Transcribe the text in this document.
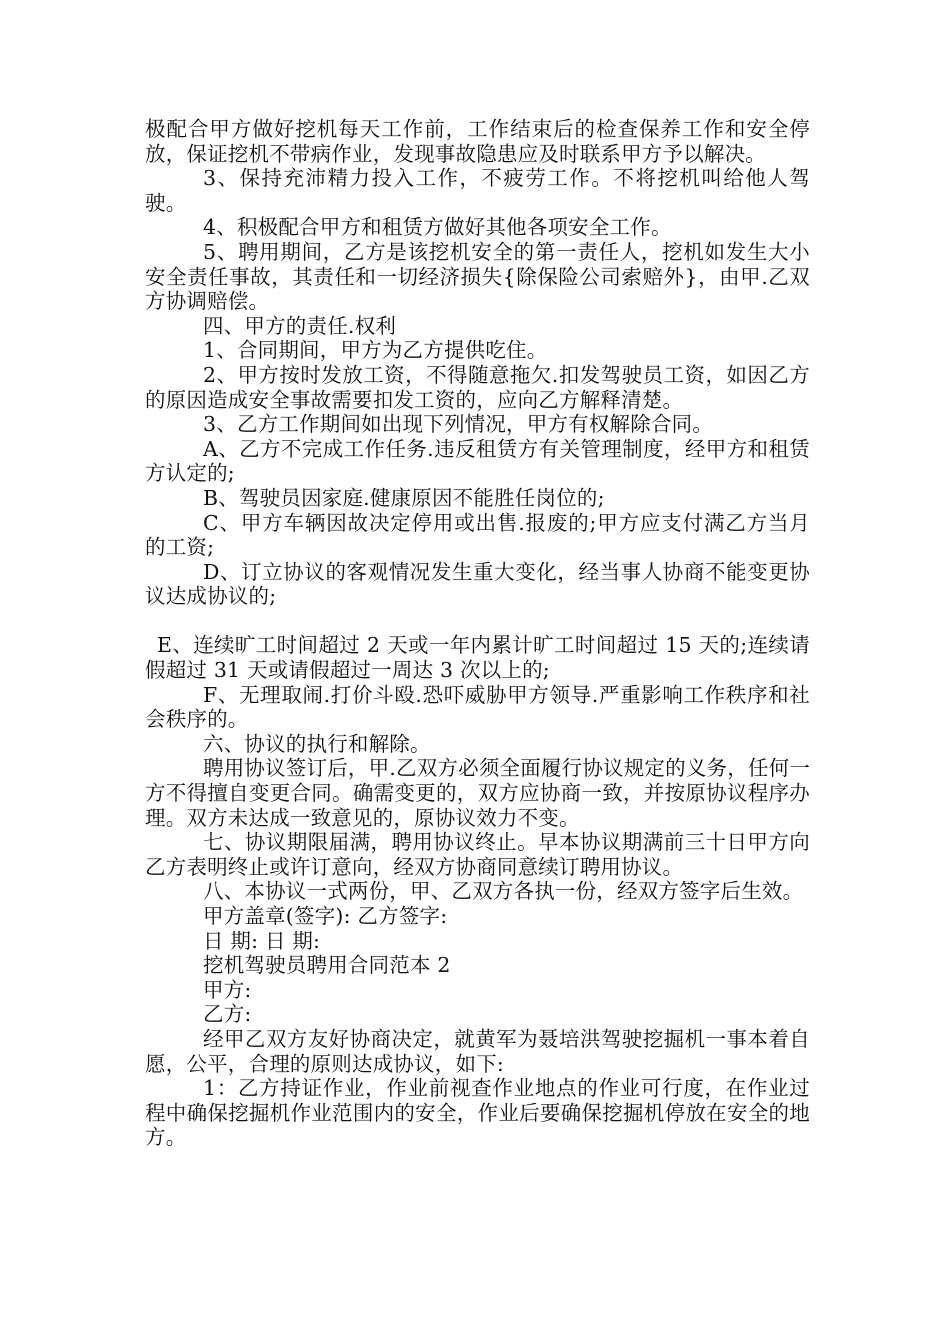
极配合甲方做好挖机每天工作前，工作结束后的检查保养工作和安全停放，保证挖机不带病作业，发现事故隐患应及时联系甲方予以解决。

3、保持充沛精力投入工作，不疲劳工作。不将挖机叫给他人驾驶。

4、积极配合甲方和租赁方做好其他各项安全工作。

5、聘用期间，乙方是该挖机安全的第一责任人，挖机如发生大小安全责任事故，其责任和一切经济损失{除保险公司索赔外}，由甲.乙双方协调赔偿。

四、甲方的责任.权利

1、合同期间，甲方为乙方提供吃住。

2、甲方按时发放工资，不得随意拖欠.扣发驾驶员工资，如因乙方的原因造成安全事故需要扣发工资的，应向乙方解释清楚。

3、乙方工作期间如出现下列情况，甲方有权解除合同。

A、乙方不完成工作任务.违反租赁方有关管理制度，经甲方和租赁方认定的;

B、驾驶员因家庭.健康原因不能胜任岗位的;

C、甲方车辆因故决定停用或出售.报废的;甲方应支付满乙方当月的工资;

D、订立协议的客观情况发生重大变化，经当事人协商不能变更协议达成协议的;

E、连续旷工时间超过 2 天或一年内累计旷工时间超过 15 天的;连续请假超过 31 天或请假超过一周达 3 次以上的;

F、无理取闹.打价斗殴.恐吓威胁甲方领导.严重影响工作秩序和社会秩序的。

六、协议的执行和解除。

聘用协议签订后，甲.乙双方必须全面履行协议规定的义务，任何一方不得擅自变更合同。确需变更的，双方应协商一致，并按原协议程序办理。双方未达成一致意见的，原协议效力不变。

七、协议期限届满，聘用协议终止。早本协议期满前三十日甲方向乙方表明终止或许订意向，经双方协商同意续订聘用协议。

八、本协议一式两份，甲、乙双方各执一份，经双方签字后生效。

甲方盖章(签字): 乙方签字:

日 期: 日 期:

挖机驾驶员聘用合同范本 2

甲方:

乙方:

经甲乙双方友好协商决定，就黄军为聂培洪驾驶挖掘机一事本着自愿，公平，合理的原则达成协议，如下:

1：乙方持证作业，作业前视查作业地点的作业可行度，在作业过程中确保挖掘机作业范围内的安全，作业后要确保挖掘机停放在安全的地方。
